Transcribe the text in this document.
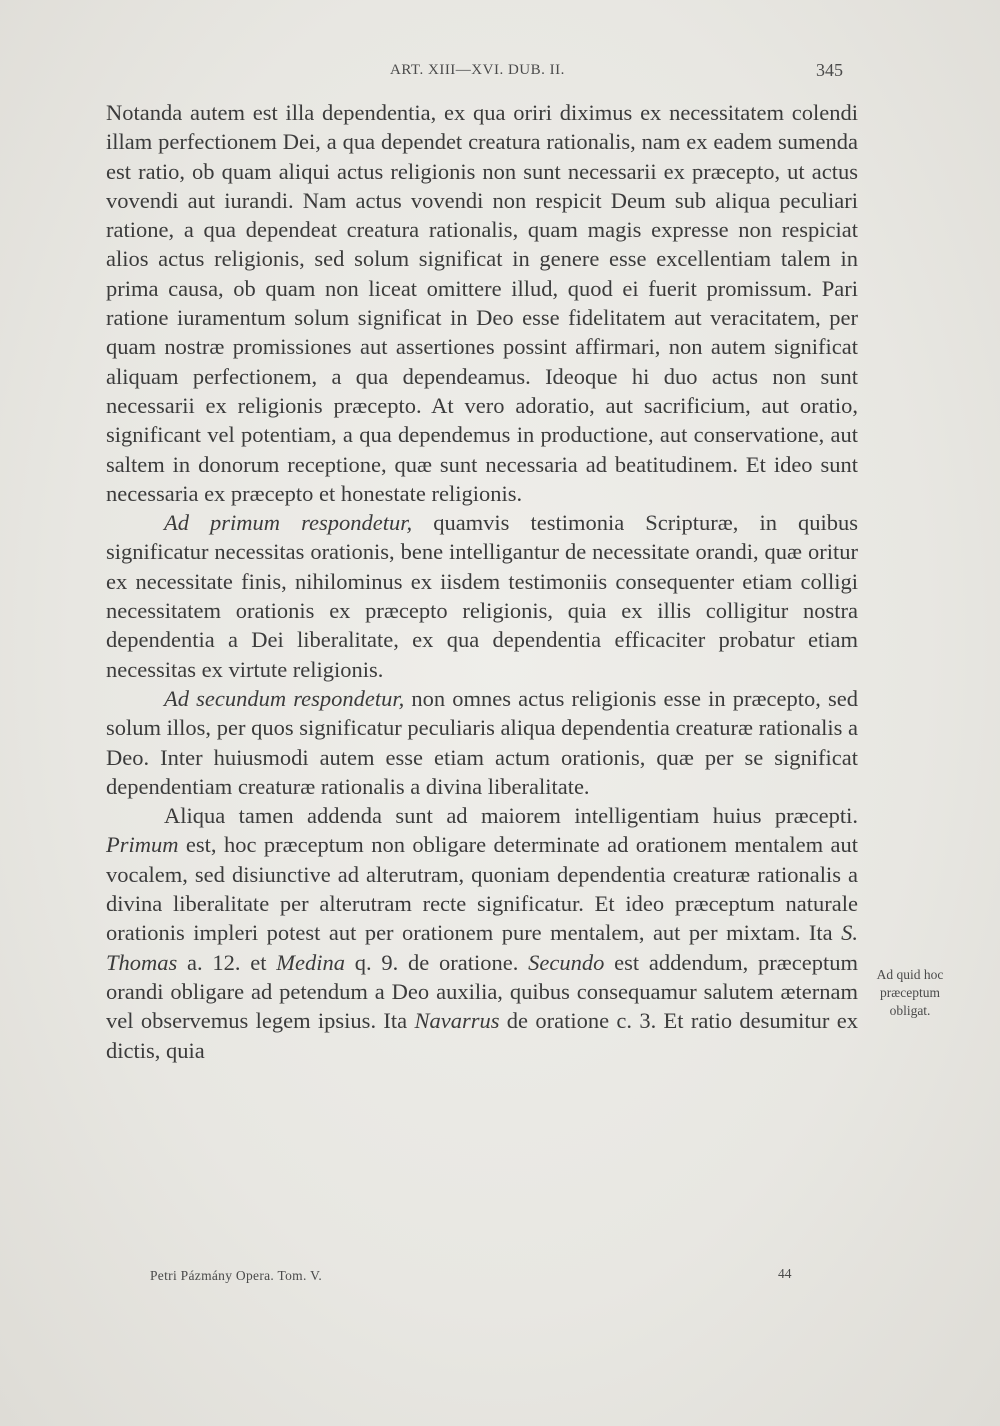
ART. XIII—XVI. DUB. II.	345

Notanda autem est illa dependentia, ex qua oriri diximus ex necessitatem colendi illam perfectionem Dei, a qua dependet creatura rationalis, nam ex eadem sumenda est ratio, ob quam aliqui actus religionis non sunt necessarii ex præcepto, ut actus vovendi aut iurandi. Nam actus vovendi non respicit Deum sub aliqua peculiari ratione, a qua dependeat creatura rationalis, quam magis expresse non respiciat alios actus religionis, sed solum significat in genere esse excellentiam talem in prima causa, ob quam non liceat omittere illud, quod ei fuerit promissum. Pari ratione iuramentum solum significat in Deo esse fidelitatem aut veracitatem, per quam nostræ promissiones aut assertiones possint affirmari, non autem significat aliquam perfectionem, a qua dependeamus. Ideoque hi duo actus non sunt necessarii ex religionis præcepto. At vero adoratio, aut sacrificium, aut oratio, significant vel potentiam, a qua dependemus in productione, aut conservatione, aut saltem in donorum receptione, quæ sunt necessaria ad beatitudinem. Et ideo sunt necessaria ex præcepto et honestate religionis.

Ad primum respondetur, quamvis testimonia Scripturæ, in quibus significatur necessitas orationis, bene intelligantur de necessitate orandi, quæ oritur ex necessitate finis, nihilominus ex iisdem testimoniis consequenter etiam colligi necessitatem orationis ex præcepto religionis, quia ex illis colligitur nostra dependentia a Dei liberalitate, ex qua dependentia efficaciter probatur etiam necessitas ex virtute religionis.

Ad secundum respondetur, non omnes actus religionis esse in præcepto, sed solum illos, per quos significatur peculiaris aliqua dependentia creaturæ rationalis a Deo. Inter huiusmodi autem esse etiam actum orationis, quæ per se significat dependentiam creaturæ rationalis a divina liberalitate.

Aliqua tamen addenda sunt ad maiorem intelligentiam huius præcepti. Primum est, hoc præceptum non obligare determinate ad orationem mentalem aut vocalem, sed disiunctive ad alterutram, quoniam dependentia creaturæ rationalis a divina liberalitate per alterutram recte significatur. Et ideo præceptum naturale orationis impleri potest aut per orationem pure mentalem, aut per mixtam. Ita S. Thomas a. 12. et Medina q. 9. de oratione. Secundo est addendum, præceptum orandi obligare ad petendum a Deo auxilia, quibus consequamur salutem æternam vel observemus legem ipsius. Ita Navarrus de oratione c. 3. Et ratio desumitur ex dictis, quia

Ad quid hoc præceptum obligat.
Petri Pázmány Opera. Tom. V.	44
